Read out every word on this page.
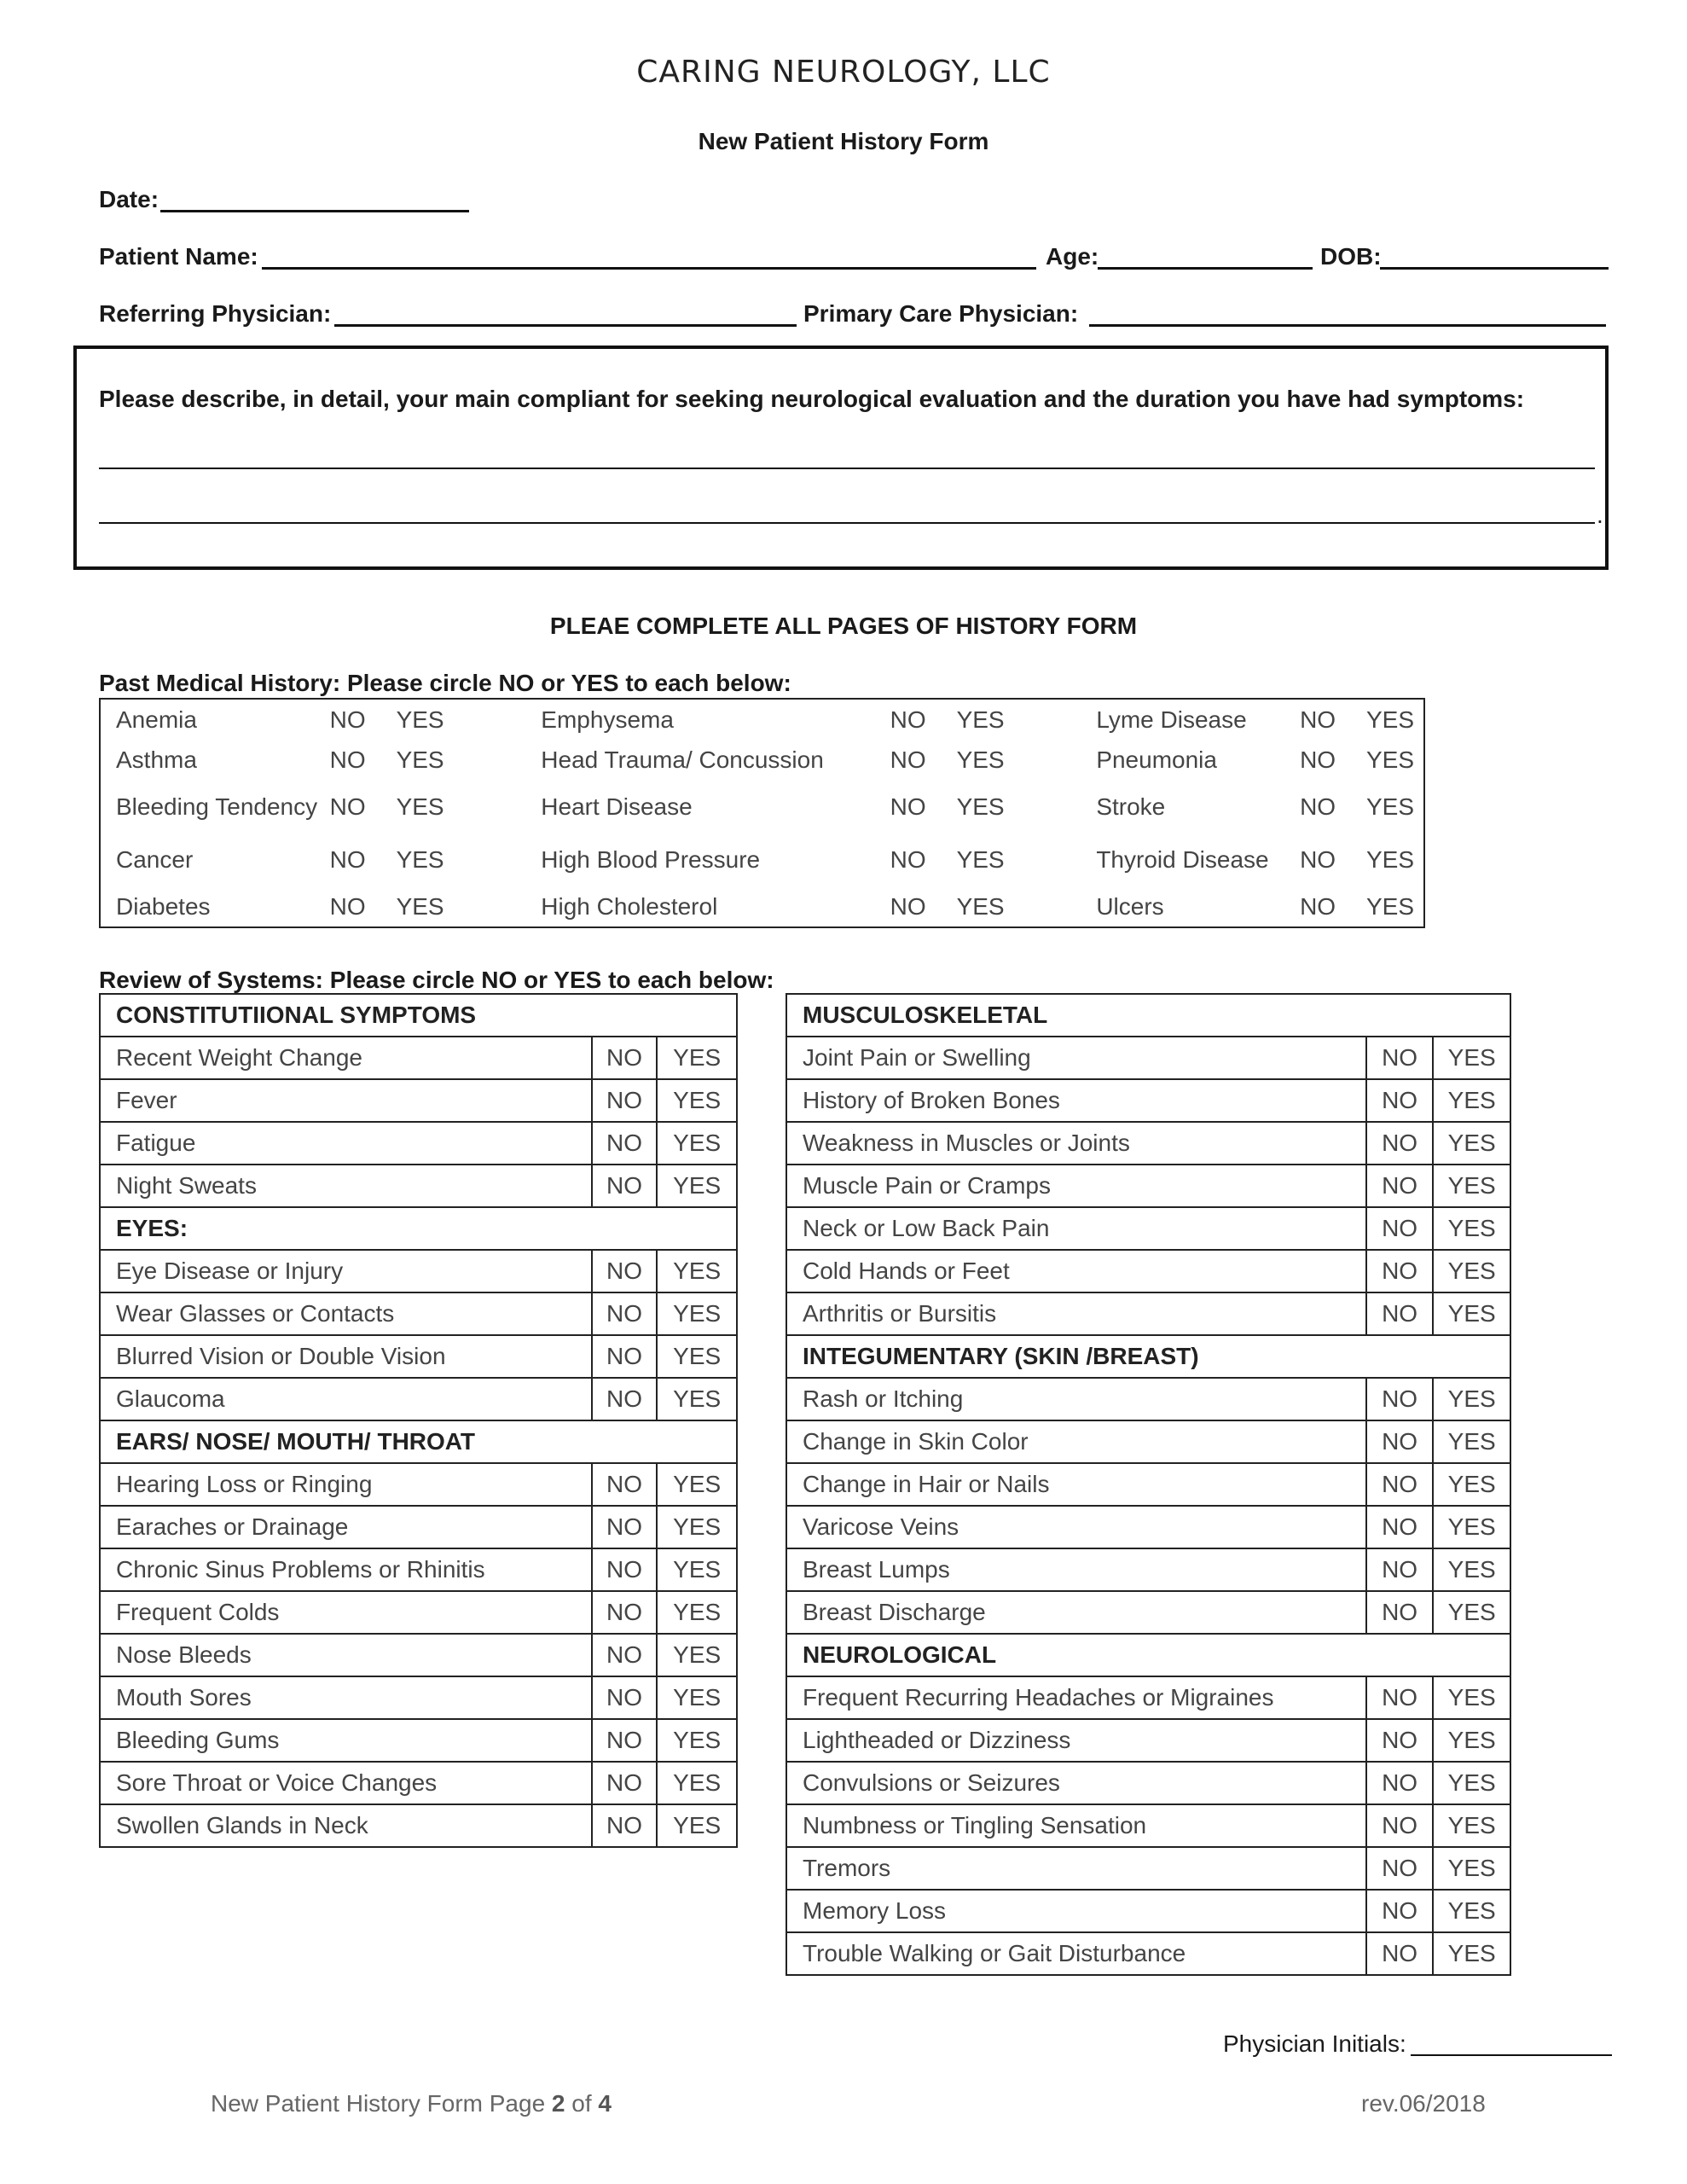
CARING NEUROLOGY, LLC
New Patient History Form
Date:
Patient Name:	Age:	DOB:
Referring Physician:	Primary Care Physician:
Please describe, in detail, your main compliant for seeking neurological evaluation and the duration you have had symptoms:
.
PLEAE COMPLETE ALL PAGES OF HISTORY FORM
Past Medical History: Please circle NO or YES to each below:
Anemia	NO	YES	Emphysema	NO	YES	Lyme Disease	NO	YES
Asthma	NO	YES	Head Trauma/ Concussion	NO	YES	Pneumonia	NO	YES
Bleeding Tendency	NO	YES	Heart Disease	NO	YES	Stroke	NO	YES
Cancer	NO	YES	High Blood Pressure	NO	YES	Thyroid Disease	NO	YES
Diabetes	NO	YES	High Cholesterol	NO	YES	Ulcers	NO	YES
Review of Systems: Please circle NO or YES to each below:
CONSTITUTIIONAL SYMPTOMS		
Recent Weight Change	NO	YES
Fever	NO	YES
Fatigue	NO	YES
Night Sweats	NO	YES
EYES:		
Eye Disease or Injury	NO	YES
Wear Glasses or Contacts	NO	YES
Blurred Vision or Double Vision	NO	YES
Glaucoma	NO	YES
EARS/ NOSE/ MOUTH/ THROAT		
Hearing Loss or Ringing	NO	YES
Earaches or Drainage	NO	YES
Chronic Sinus Problems or Rhinitis	NO	YES
Frequent Colds	NO	YES
Nose Bleeds	NO	YES
Mouth Sores	NO	YES
Bleeding Gums	NO	YES
Sore Throat or Voice Changes	NO	YES
Swollen Glands in Neck	NO	YES
MUSCULOSKELETAL		
Joint Pain or Swelling	NO	YES
History of Broken Bones	NO	YES
Weakness in Muscles or Joints	NO	YES
Muscle Pain or Cramps	NO	YES
Neck or Low Back Pain	NO	YES
Cold Hands or Feet	NO	YES
Arthritis or Bursitis	NO	YES
INTEGUMENTARY (SKIN /BREAST)		
Rash or Itching	NO	YES
Change in Skin Color	NO	YES
Change in Hair or Nails	NO	YES
Varicose Veins	NO	YES
Breast Lumps	NO	YES
Breast Discharge	NO	YES
NEUROLOGICAL		
Frequent Recurring Headaches or Migraines	NO	YES
Lightheaded or Dizziness	NO	YES
Convulsions or Seizures	NO	YES
Numbness or Tingling Sensation	NO	YES
Tremors	NO	YES
Memory Loss	NO	YES
Trouble Walking or Gait Disturbance	NO	YES
Physician Initials:
New Patient History Form Page 2 of 4	rev.06/2018
